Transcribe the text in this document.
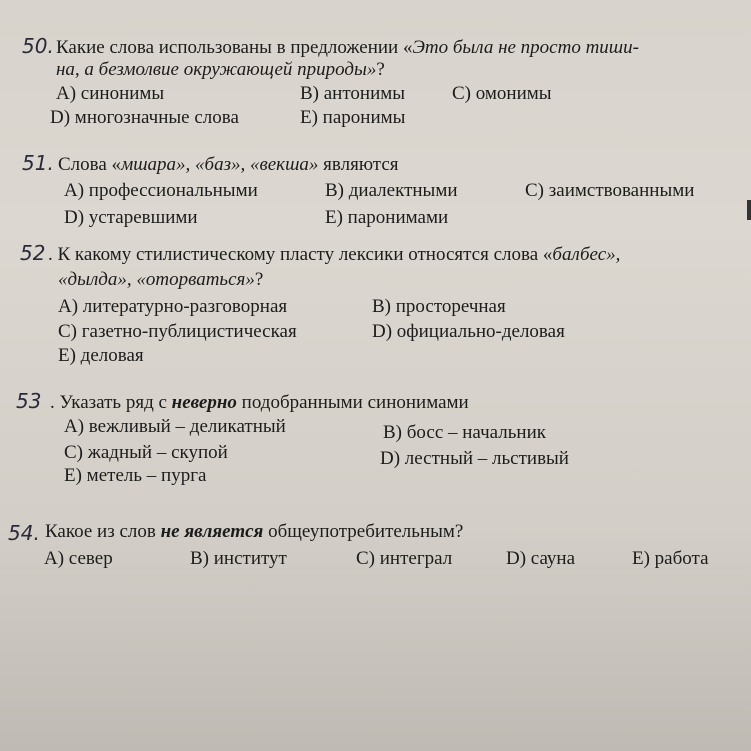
50. Какие слова использованы в предложении «Это была не просто тиши-
на, а безмолвие окружающей природы»?
A) синонимы	B) антонимы C) омонимы
D) многозначные слова	E) паронимы
51. Слова «мшара», «баз», «векша» являются
A) профессиональными	B) диалектными	C) заимствованными
D) устаревшими	E) паронимами
52 . К какому стилистическому пласту лексики относятся слова «балбес»,
«дылда», «оторваться»?
A) литературно-разговорная	B) просторечная
C) газетно-публицистическая	D) официально-деловая
E) деловая
53 . Указать ряд с неверно подобранными синонимами
A) вежливый – деликатный	B) босс – начальник
C) жадный – скупой	D) лестный – льстивый
E) метель – пурга
54. Какое из слов не является общеупотребительным?
A) север	B) институт	C) интеграл	D) сауна	E) работа
